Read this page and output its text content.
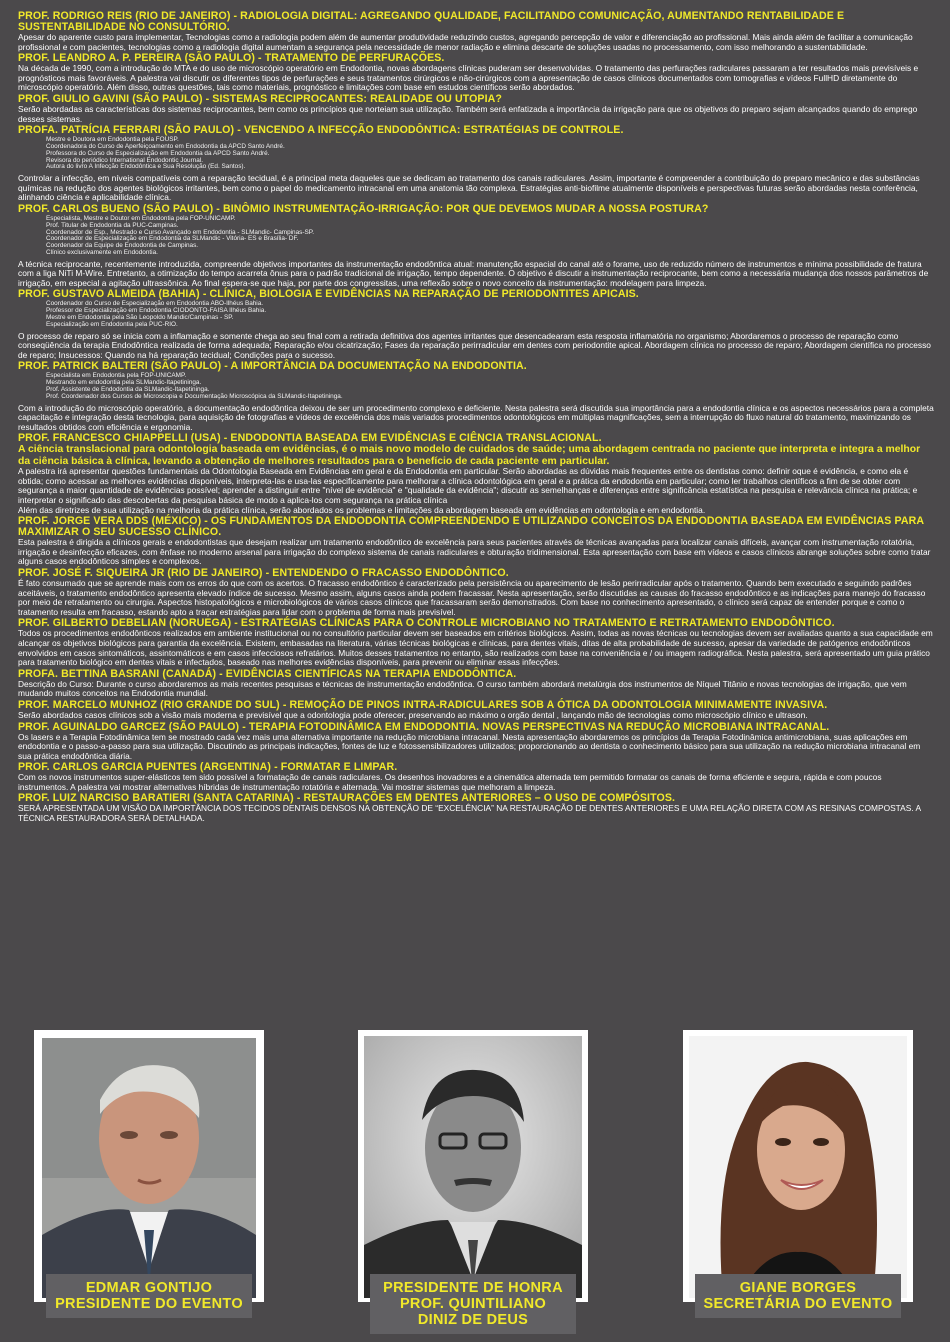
PROF. RODRIGO REIS (RIO DE JANEIRO) - RADIOLOGIA DIGITAL: AGREGANDO QUALIDADE, FACILITANDO COMUNICAÇÃO, AUMENTANDO RENTABILIDADE E SUSTENTABILIDADE NO CONSULTÓRIO.
Apesar do aparente custo para implementar, Tecnologias como a radiologia podem além de aumentar produtividade reduzindo custos, agregando percepção de valor e diferenciação ao profissional. Mais ainda além de facilitar a comunicação profissional e com pacientes, tecnologias como a radiologia digital aumentam a segurança pela necessidade de menor radiação e elimina descarte de soluções usadas no processamento, com isso melhorando a sustentabilidade.
PROF. LEANDRO A. P. PEREIRA (SÃO PAULO) - TRATAMENTO DE PERFURAÇÕES.
Na década de 1990, com a introdução do MTA e do uso de microscópio operatório em Endodontia, novas abordagens clínicas puderam ser desenvolvidas. O tratamento das perfurações radiculares passaram a ter resultados mais previsíveis e prognósticos mais favoráveis. A palestra vai discutir os diferentes tipos de perfurações e seus tratamentos cirúrgicos e não-cirúrgicos com a apresentação de casos clínicos documentados com tomografias e vídeos FullHD diretamente do microscópio operatório. Além disso, outras questões, tais como materiais, prognóstico e limitações com base em estudos científicos serão abordados.
PROF. GIULIO GAVINI (SÃO PAULO) - SISTEMAS RECIPROCANTES: REALIDADE OU UTOPIA?
Serão abordadas as características dos sistemas reciprocantes, bem como os princípios que norteiam sua utilização. Também será enfatizada a importância da irrigação para que os objetivos do preparo sejam alcançados quando do emprego desses sistemas.
PROFA. PATRÍCIA FERRARI (SÃO PAULO) - VENCENDO A INFECÇÃO ENDODÔNTICA: ESTRATÉGIAS DE CONTROLE.
Mestre e Doutora em Endodontia pela FOUSP.
Coordenadora do Curso de Aperfeiçoamento em Endodontia da APCD Santo André.
Professora do Curso de Especialização em Endodontia da APCD Santo André.
Revisora do periódico International Endodontic Journal.
Autora do livro A Infecção Endodôntica e Sua Resolução (Ed. Santos).
Controlar a infecção, em níveis compatíveis com a reparação tecidual, é a principal meta daqueles que se dedicam ao tratamento dos canais radiculares. Assim, importante é compreender a contribuição do preparo mecânico e das substâncias químicas na redução dos agentes biológicos irritantes, bem como o papel do medicamento intracanal em uma anatomia tão complexa. Estratégias anti-biofilme atualmente disponíveis e perspectivas futuras serão abordadas nesta conferência, alinhando ciência e aplicabilidade clínica.
PROF. CARLOS BUENO (SÃO PAULO) - BINÔMIO INSTRUMENTAÇÃO-IRRIGAÇÃO: POR QUE DEVEMOS MUDAR A NOSSA POSTURA?
Especialista, Mestre e Doutor em Endodontia pela FOP-UNICAMP.
Prof. Titular de Endodontia da PUC-Campinas.
Coordenador de Esp., Mestrado e Curso Avançado em Endodontia - SLMandic- Campinas-SP.
Coordenador de Especialização em Endodontia da SLMandic - Vitória- ES e Brasília- DF.
Coordenador da Equipe de Endodontia de Campinas.
Clínico exclusivamente em Endodontia.
A técnica reciprocante, recentemente introduzida, compreende objetivos importantes da instrumentação endodôntica atual: manutenção espacial do canal até o forame, uso de reduzido número de instrumentos e mínima possibilidade de fratura com a liga NiTi M-Wire. Entretanto, a otimização do tempo acarreta ônus para o padrão tradicional de irrigação, tempo dependente. O objetivo é discutir a instrumentação reciprocante, bem como a necessária mudança dos nossos parâmetros de irrigação, em especial a agitação ultrassônica. Ao final espera-se que haja, por parte dos congressitas, uma reflexão sobre o novo conceito da instrumentação: modelagem para limpeza.
PROF. GUSTAVO ALMEIDA (BAHIA) - CLÍNICA, BIOLOGIA E EVIDÊNCIAS NA REPARAÇÃO DE PERIODONTITES APICAIS.
Coordenador do Curso de Especialização em Endodontia ABO-Ilhéus Bahia.
Professor de Especialização em Endodontia CIODONTO-FAISA Ilhéus Bahia.
Mestre em Endodontia pela São Leopoldo Mandic/Campinas - SP.
Especialização em Endodontia pela PUC-RIO.
O processo de reparo só se inicia com a inflamação e somente chega ao seu final com a retirada definitiva dos agentes irritantes que desencadearam esta resposta inflamatória no organismo; Abordaremos o processo de reparação como conseqüência da terapia Endodôntica realizada de forma adequada; Reparação e/ou cicatrização; Fases da reparação perirradicular em dentes com periodontite apical. Abordagem clínica no processo de reparo; Abordagem científica no processo de reparo; Insucessos: Quando na há reparação tecidual; Condições para o sucesso.
PROF. PATRICK BALTERI (SÃO PAULO) - A IMPORTÂNCIA DA DOCUMENTAÇÃO NA ENDODONTIA.
Especialista em Endodontia pela FOP-UNICAMP.
Mestrando em endodontia pela SLMandic-Itapetininga.
Prof. Assistente de Endodontia da SLMandic-Itapetininga.
Prof. Coordenador dos Cursos de Microscopia e Documentação Microscópica da SLMandic-Itapetininga.
Com a introdução do microscópio operatório, a documentação endodôntica deixou de ser um procedimento complexo e deficiente. Nesta palestra será discutida sua importância para a endodontia clínica e os aspectos necessários para a completa capacitação e integração desta tecnologia, para aquisição de fotografias e vídeos de excelência dos mais variados procedimentos odontológicos em múltiplas magnificações, sem a interrupção do fluxo natural do tratamento, maximizando os resultados obtidos com eficiência e ergonomia.
PROF. FRANCESCO CHIAPPELLI (USA) - ENDODONTIA BASEADA EM EVIDÊNCIAS E CIÊNCIA TRANSLACIONAL.
A ciência translacional para odontologia baseada em evidências, é o mais novo modelo de cuidados de saúde; uma abordagem centrada no paciente que interpreta e integra a melhor da ciência básica à clínica, levando a obtenção de melhores resultados para o benefício de cada paciente em particular.
A palestra irá apresentar questões fundamentais da Odontologia Baseada em Evidências em geral e da Endodontia em particular. Serão abordadas as dúvidas mais frequentes entre os dentistas como: definir oque é evidência, e como ela é obtida; como acessar as melhores evidências disponíveis, interpreta-las e usa-las especificamente para melhorar a clínica odontológica em geral e a prática da endodontia em particular; como ler trabalhos científicos a fim de se obter com segurança a maior quantidade de evidências possível; aprender a distinguir entre "nível de evidência" e "qualidade da evidência"; discutir as semelhanças e diferenças entre significância estatística na pesquisa e relevância clínica na prática; e interpretar o significado das descobertas da pesquisa básica de modo a aplica-los com segurança na prática clínica
Além das diretrizes de sua utilização na melhoria da prática clínica, serão abordados os problemas e limitações da abordagem baseada em evidências em odontologia e em endodontia.
PROF. JORGE VERA DDS (MÉXICO) - OS FUNDAMENTOS DA ENDODONTIA COMPREENDENDO E UTILIZANDO CONCEITOS DA ENDODONTIA BASEADA EM EVIDÊNCIAS PARA MAXIMIZAR O SEU SUCESSO CLÍNICO.
Esta palestra é dirigida a clínicos gerais e endodontistas que desejam realizar um tratamento endodôntico de excelência para seus pacientes através de técnicas avançadas para localizar canais difíceis, avançar com instrumentação rotatória, irrigação e desinfecção eficazes, com ênfase no moderno arsenal para irrigação do complexo sistema de canais radiculares e obturação tridimensional. Esta apresentação com base em vídeos e casos clínicos abrange soluções sobre como tratar alguns casos endodônticos simples e complexos.
PROF. JOSÉ F. SIQUEIRA JR (RIO DE JANEIRO) - ENTENDENDO O FRACASSO ENDODÔNTICO.
É fato consumado que se aprende mais com os erros do que com os acertos. O fracasso endodôntico é caracterizado pela persistência ou aparecimento de lesão perirradicular após o tratamento. Quando bem executado e seguindo padrões aceitáveis, o tratamento endodôntico apresenta elevado índice de sucesso. Mesmo assim, alguns casos ainda podem fracassar. Nesta apresentação, serão discutidas as causas do fracasso endodôntico e as indicações para manejo do fracasso por meio de retratamento ou cirurgia. Aspectos histopatológicos e microbiológicos de vários casos clínicos que fracassaram serão demonstrados. Com base no conhecimento apresentado, o clínico será capaz de entender porque e como o tratamento resulta em fracasso, estando apto a traçar estratégias para lidar com o problema de forma mais previsível.
PROF. GILBERTO DEBELIAN (NORUEGA) - ESTRATÉGIAS CLÍNICAS PARA O CONTROLE MICROBIANO NO TRATAMENTO E RETRATAMENTO ENDODÔNTICO.
Todos os procedimentos endodônticos realizados em ambiente institucional ou no consultório particular devem ser baseados em critérios biológicos. Assim, todas as novas técnicas ou tecnologias devem ser avaliadas quanto a sua capacidade em alcançar os objetivos biológicos para garantia da excelência. Existem, embasadas na literatura, várias técnicas biológicas e clínicas, para dentes vitais, ditas de alta probabilidade de sucesso, apesar da variedade de patógenos endodônticos envolvidos em casos sintomáticos, assintomáticos e em casos infecciosos refratários. Muitos desses tratamentos no entanto, são realizados com base na conveniência e / ou imagem radiográfica. Nesta palestra, será apresentado um guia prático para tratamento biológico em dentes vitais e infectados, baseado nas melhores evidências disponíveis, para prevenir ou eliminar essas infecções.
PROFA. BETTINA BASRANI (CANADÁ) - EVIDÊNCIAS CIENTÍFICAS NA TERAPIA ENDODÔNTICA.
Descrição do Curso: Durante o curso abordaremos as mais recentes pesquisas e técnicas de instrumentação endodôntica. O curso também abordará metalúrgia dos instrumentos de Níquel Titânio e novas tecnologias de irrigação, que vem mudando muitos conceitos na Endodontia mundial.
PROF. MARCELO MUNHOZ (RIO GRANDE DO SUL) - REMOÇÃO DE PINOS INTRA-RADICULARES SOB A ÓTICA DA ODONTOLOGIA MINIMAMENTE INVASIVA.
Serão abordados casos clínicos sob a visão mais moderna e previsível que a odontologia pode oferecer, preservando ao máximo o orgão dental , lançando mão de tecnologias como microscópio clínico e ultrason.
PROF. AGUINALDO GARCEZ (SÃO PAULO) - TERAPIA FOTODINÂMICA EM ENDODONTIA. NOVAS PERSPECTIVAS NA REDUÇÃO MICROBIANA INTRACANAL.
Os lasers e a Terapia Fotodinâmica tem se mostrado cada vez mais uma alternativa importante na redução microbiana intracanal. Nesta apresentação abordaremos os princípios da Terapia Fotodinâmica antimicrobiana, suas aplicações em endodontia e o passo-a-passo para sua utilização. Discutindo as principais indicações, fontes de luz e fotossensibilizadores utilizados; proporcionando ao dentista o conhecimento básico para sua utilização na redução microbiana intracanal em sua prática endodôntica diária.
PROF. CARLOS GARCIA PUENTES (ARGENTINA) - FORMATAR E LIMPAR.
Com os novos instrumentos super-elásticos tem sido possível a formatação de canais radiculares. Os desenhos inovadores e a cinemática alternada tem permitido formatar os canais de forma eficiente e segura, rápida e com poucos instrumentos. A palestra vai mostrar alternativas híbridas de instrumentação rotatória e alternada. Vai mostrar sistemas que melhoram a limpeza.
PROF. LUIZ NARCISO BARATIERI (SANTA CATARINA) - RESTAURAÇÕES EM DENTES ANTERIORES – O USO DE COMPÓSITOS.
SERÁ APRESENTADA UM VISÃO DA IMPORTÂNCIA DOS TECIDOS DENTAIS DENSOS NA OBTENÇÃO DE “EXCELÊNCIA” NA RESTAURAÇÃO DE DENTES ANTERIORES E UMA RELAÇÃO DIRETA COM AS RESINAS COMPOSTAS. A TÉCNICA RESTAURADORA SERÁ DETALHADA.
EDMAR GONTIJO
PRESIDENTE DO EVENTO
PRESIDENTE DE HONRA
PROF. QUINTILIANO
DINIZ DE DEUS
GIANE BORGES
SECRETÁRIA DO EVENTO
